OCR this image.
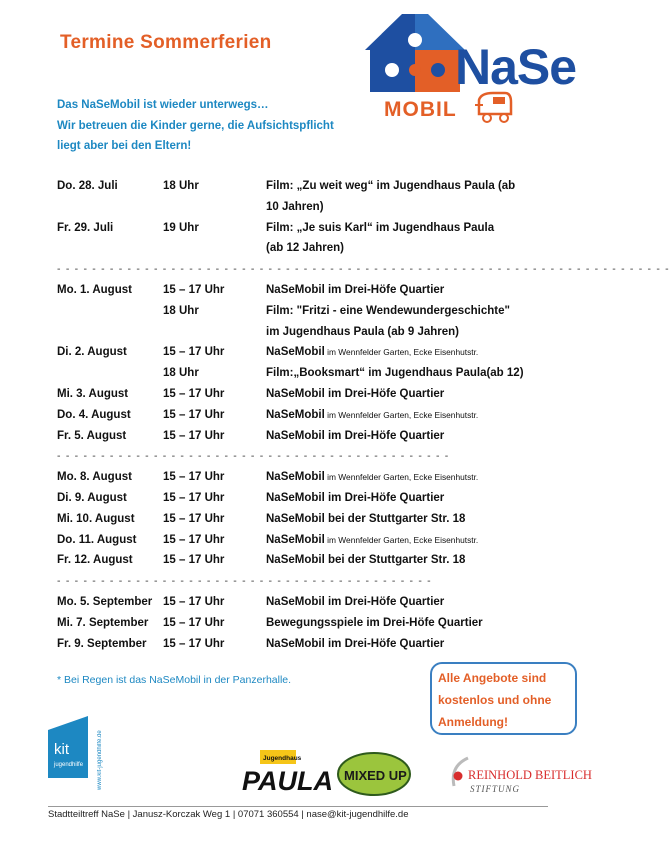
Termine Sommerferien	NaSe
MOBIL
Das NaSeMobil ist wieder unterwegs…
Wir betreuen die Kinder gerne, die Aufsichtspflicht
liegt aber bei den Eltern!
Do. 28. Juli	18 Uhr	Film: „Zu weit weg“ im Jugendhaus Paula (ab
10 Jahren)
Fr. 29. Juli	19 Uhr	Film: „Je suis Karl“ im Jugendhaus Paula
(ab 12 Jahren)
- - - - - - - - - - - - - - - - - - - - - - - - - - - - - - - - - - - - - - - - - - - - - - - - - - - - - - - - - - - - - - - - - - - - - -
Mo. 1. August	15 – 17 Uhr	NaSeMobil im Drei-Höfe Quartier
18 Uhr	Film: "Fritzi - eine Wendewundergeschichte"
im Jugendhaus Paula (ab 9 Jahren)
Di. 2. August	15 – 17 Uhr	NaSeMobil im Wennfelder Garten, Ecke Eisenhutstr.
18 Uhr	Film:„Booksmart“ im Jugendhaus Paula(ab 12)
Mi. 3. August	15 – 17 Uhr	NaSeMobil im Drei-Höfe Quartier
Do. 4. August	15 – 17 Uhr	NaSeMobil im Wennfelder Garten, Ecke Eisenhutstr.
Fr. 5. August	15 – 17 Uhr	NaSeMobil im Drei-Höfe Quartier
- - - - - - - - - - - - - - - - - - - - - - - - - - - - - - - - - - - - - - - - - - - - -
Mo. 8. August	15 – 17 Uhr	NaSeMobil im Wennfelder Garten, Ecke Eisenhutstr.
Di. 9. August	15 – 17 Uhr	NaSeMobil im Drei-Höfe Quartier
Mi. 10. August 15 – 17 Uhr	NaSeMobil bei der Stuttgarter Str. 18
Do. 11. August 15 – 17 Uhr	NaSeMobil im Wennfelder Garten, Ecke Eisenhutstr.
Fr. 12. August	15 – 17 Uhr	NaSeMobil bei der Stuttgarter Str. 18
- - - - - - - - - - - - - - - - - - - - - - - - - - - - - - - - - - - - - - - - - - -
Mo. 5. September 15 – 17 Uhr	NaSeMobil im Drei-Höfe Quartier
Mi. 7. September 15 – 17 Uhr	Bewegungsspiele im Drei-Höfe Quartier
Fr. 9. September 15 – 17 Uhr	NaSeMobil im Drei-Höfe Quartier
* Bei Regen ist das NaSeMobil in der Panzerhalle.	Alle Angebote sind
kostenlos und ohne
Anmeldung!
kit
jugendhilfe www.kit-jugendhilfe.de	Jugendhaus
PAULA MIXED UP	REINHOLD BEITLICH
STIFTUNG
Stadtteiltreff NaSe | Janusz-Korczak Weg 1 | 07071 360554 | nase@kit-jugendhilfe.de
